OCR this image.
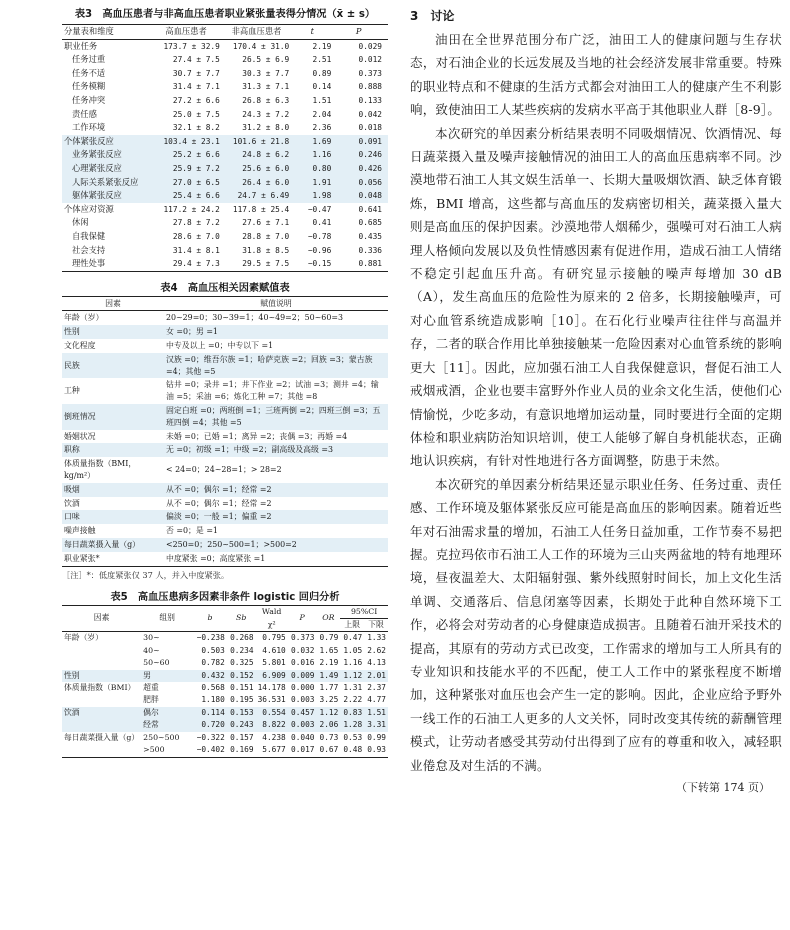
表3　高血压患者与非高血压患者职业紧张量表得分情况（x̄ ± s）
分量表和维度	高血压患者	非高血压患者	t	P
职业任务	173.7 ± 32.9	170.4 ± 31.0	2.19	0.029
任务过重	27.4 ± 7.5	26.5 ± 6.9	2.51	0.012
任务不适	30.7 ± 7.7	30.3 ± 7.7	0.89	0.373
任务模糊	31.4 ± 7.1	31.3 ± 7.1	0.14	0.888
任务冲突	27.2 ± 6.6	26.8 ± 6.3	1.51	0.133
责任感	25.0 ± 7.5	24.3 ± 7.2	2.04	0.042
工作环境	32.1 ± 8.2	31.2 ± 8.0	2.36	0.018
个体紧张反应	103.4 ± 23.1	101.6 ± 21.8	1.69	0.091
业务紧张反应	25.2 ± 6.6	24.8 ± 6.2	1.16	0.246
心理紧张反应	25.9 ± 7.2	25.6 ± 6.0	0.80	0.426
人际关系紧张反应	27.0 ± 6.5	26.4 ± 6.0	1.91	0.056
躯体紧张反应	25.4 ± 6.6	24.7 ± 6.49	1.98	0.048
个体应对资源	117.2 ± 24.2	117.8 ± 25.4	−0.47	0.641
休闲	27.8 ± 7.2	27.6 ± 7.1	0.41	0.685
自我保健	28.6 ± 7.0	28.8 ± 7.0	−0.78	0.435
社会支持	31.4 ± 8.1	31.8 ± 8.5	−0.96	0.336
理性处事	29.4 ± 7.3	29.5 ± 7.5	−0.15	0.881
表4　高血压相关因素赋值表
因素	赋值说明
年龄（岁）	20~29=0；30~39=1；40~49=2；50~60=3
性别	女 =0；男 =1
文化程度	中专及以上 =0；中专以下 =1
民族	汉族 =0；维吾尔族 =1；哈萨克族 =2；回族 =3；蒙古族 =4；其他 =5
工种	钻井 =0；录井 =1；井下作业 =2；试油 =3；测井 =4；输油 =5；采油 =6；炼化工种 =7；其他 =8
倒班情况	固定白班 =0；两班倒 =1；三班两倒 =2；四班三倒 =3；五班四倒 =4；其他 =5
婚姻状况	未婚 =0；已婚 =1；离异 =2；丧偶 =3；再婚 =4
职称	无 =0；初级 =1；中级 =2；副高级及高级 =3
体质量指数（BMI，kg/m²）	< 24=0；24~28=1；> 28=2
吸烟	从不 =0；偶尔 =1；经常 =2
饮酒	从不 =0；偶尔 =1；经常 =2
口味	偏淡 =0；一般 =1；偏重 =2
噪声接触	否 =0；是 =1
每日蔬菜摄入量（g）	<250=0；250~500=1；>500=2
职业紧张*	中度紧张 =0；高度紧张 =1
［注］*：低度紧张仅 37 人，并入中度紧张。
表5　高血压患病多因素非条件 logistic 回归分析
因素	组别	b	Sb	Wald χ²	P	OR	95%CI	
							上限	下限
年龄（岁）	30~	−0.238	0.268	0.795	0.373	0.79	0.47	1.33
	40~	0.503	0.234	4.610	0.032	1.65	1.05	2.62
	50~60	0.782	0.325	5.801	0.016	2.19	1.16	4.13
性别	男	0.432	0.152	6.909	0.009	1.49	1.12	2.01
体质量指数（BMI）	超重	0.568	0.151	14.178	0.000	1.77	1.31	2.37
	肥胖	1.180	0.195	36.531	0.003	3.25	2.22	4.77
饮酒	偶尔	0.114	0.153	0.554	0.457	1.12	0.83	1.51
	经常	0.720	0.243	8.822	0.003	2.06	1.28	3.31
每日蔬菜摄入量（g）	250~500	−0.322	0.157	4.238	0.040	0.73	0.53	0.99
	>500	−0.402	0.169	5.677	0.017	0.67	0.48	0.93
3　讨论

油田在全世界范围分布广泛，油田工人的健康问题与生存状态，对石油企业的长远发展及当地的社会经济发展非常重要。特殊的职业特点和不健康的生活方式都会对油田工人的健康产生不利影响，致使油田工人某些疾病的发病水平高于其他职业人群［8-9］。

本次研究的单因素分析结果表明不同吸烟情况、饮酒情况、每日蔬菜摄入量及噪声接触情况的油田工人的高血压患病率不同。沙漠地带石油工人其文娱生活单一、长期大量吸烟饮酒、缺乏体育锻炼，BMI 增高，这些都与高血压的发病密切相关，蔬菜摄入量大则是高血压的保护因素。沙漠地带人烟稀少，强噪可对石油工人病理人格倾向发展以及负性情感因素有促进作用，造成石油工人情绪不稳定引起血压升高。有研究显示接触的噪声每增加 30 dB（A），发生高血压的危险性为原来的 2 倍多，长期接触噪声，可对心血管系统造成影响［10］。在石化行业噪声往往伴与高温并存，二者的联合作用比单独接触某一危险因素对心血管系统的影响更大［11］。因此，应加强石油工人自我保健意识，督促石油工人戒烟戒酒，企业也要丰富野外作业人员的业余文化生活，使他们心情愉悦，少吃多动，有意识地增加运动量，同时要进行全面的定期体检和职业病防治知识培训，使工人能够了解自身机能状态，正确地认识疾病，有针对性地进行各方面调整，防患于未然。

本次研究的单因素分析结果还显示职业任务、任务过重、责任感、工作环境及躯体紧张反应可能是高血压的影响因素。随着近些年对石油需求量的增加，石油工人任务日益加重，工作节奏不易把握。克拉玛依市石油工人工作的环境为三山夹两盆地的特有地理环境，昼夜温差大、太阳辐射强、紫外线照射时间长，加上文化生活单调、交通落后、信息闭塞等因素，长期处于此种自然环境下工作，必将会对劳动者的心身健康造成损害。且随着石油开采技术的提高，其原有的劳动方式已改变，工作需求的增加与工人所具有的专业知识和技能水平的不匹配，使工人工作中的紧张程度不断增加，这种紧张对血压也会产生一定的影响。因此，企业应给予野外一线工作的石油工人更多的人文关怀，同时改变其传统的薪酬管理模式，让劳动者感受其劳动付出得到了应有的尊重和收入，减轻职业倦怠及对生活的不满。

（下转第 174 页）
